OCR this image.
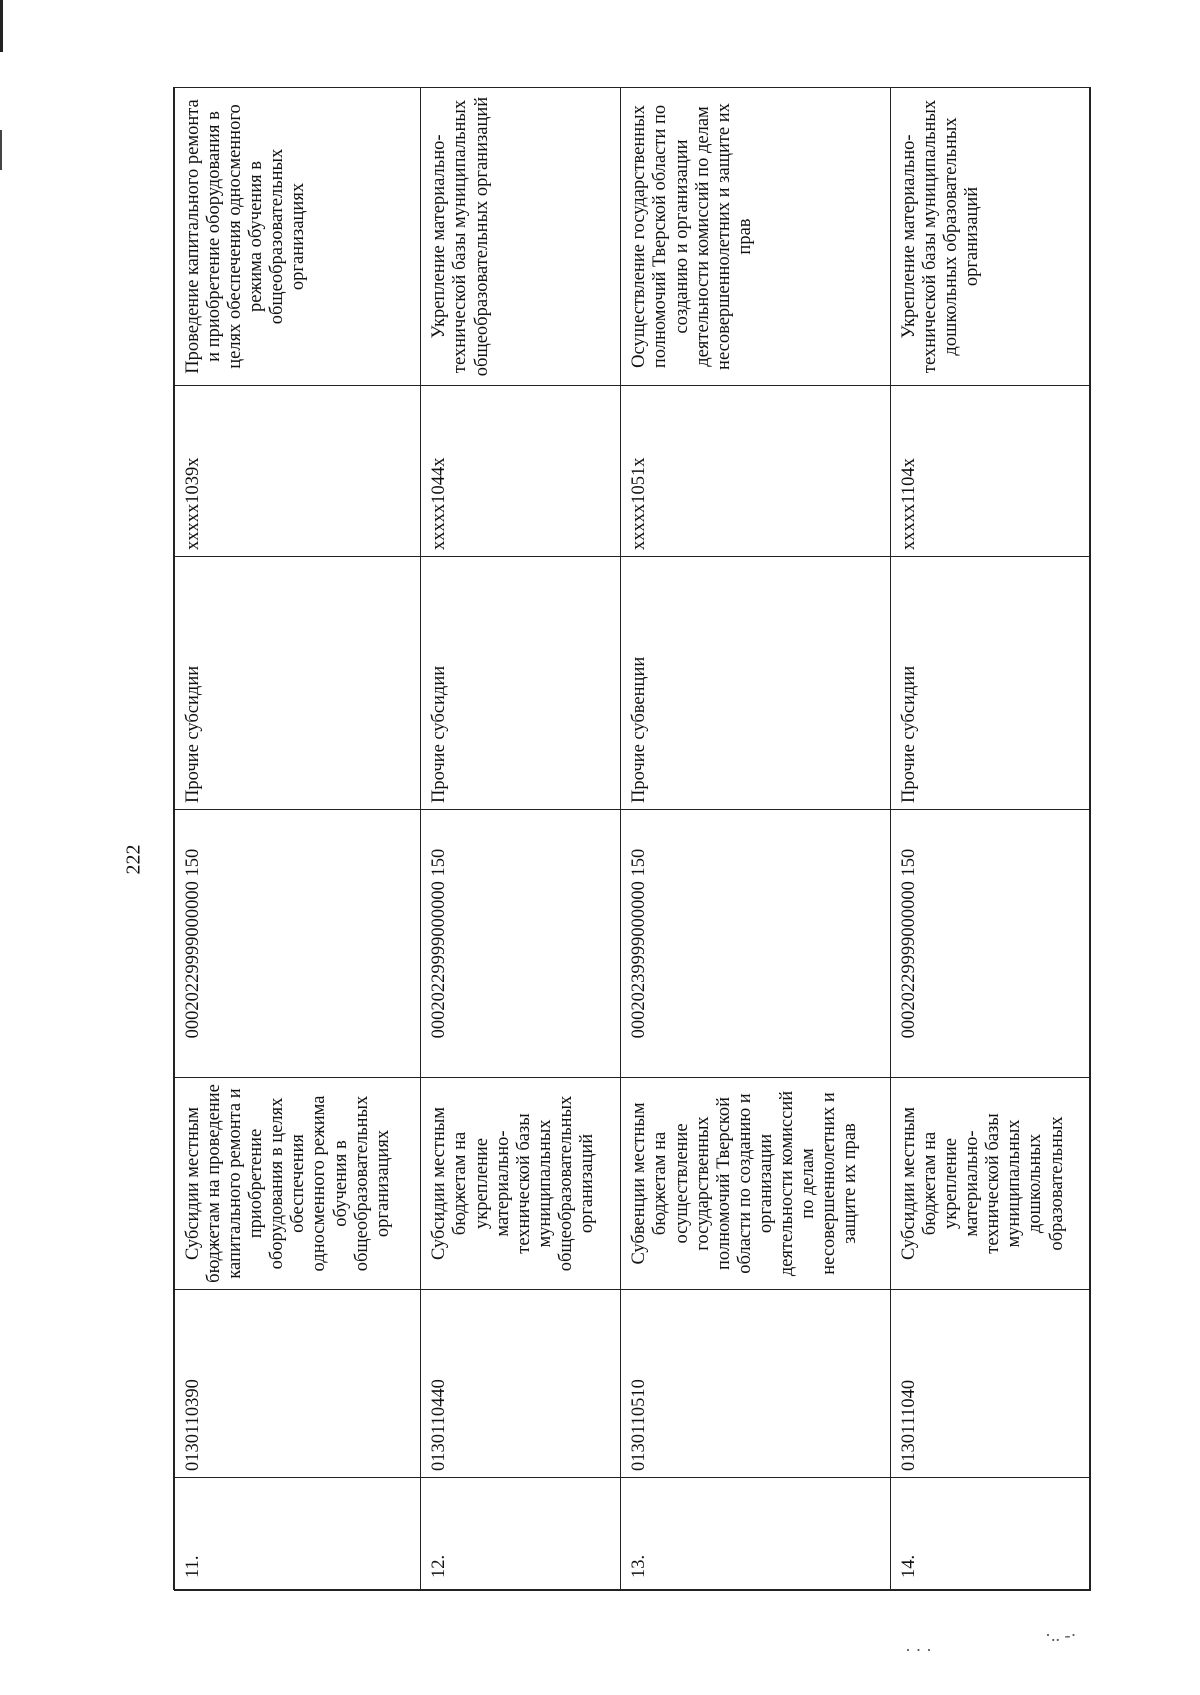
222
11.	0130110390	Субсидии местным бюджетам на проведение капитального ремонта и приобретение оборудования в целях обеспечения односменного режима обучения в общеобразовательных организациях	00020229999000000 150	Прочие субсидии	xxxxx1039x	Проведение капитального ремонта и приобретение оборудования в целях обеспечения односменного режима обучения в общеобразовательных организациях
12.	0130110440	Субсидии местным бюджетам на укрепление материально-технической базы муниципальных общеобразовательных организаций	00020229999000000 150	Прочие субсидии	xxxxx1044x	Укрепление материально-технической базы муниципальных общеобразовательных организаций
13.	0130110510	Субвенции местным бюджетам на осуществление государственных полномочий Тверской области по созданию и организации деятельности комиссий по делам несовершеннолетних и защите их прав	00020239999000000 150	Прочие субвенции	xxxxx1051x	Осуществление государственных полномочий Тверской области по созданию и организации деятельности комиссий по делам несовершеннолетних и защите их прав
14.	0130111040	Субсидии местным бюджетам на укрепление материально-технической базы муниципальных дошкольных образовательных	00020229999000000 150	Прочие субсидии	xxxxx1104x	Укрепление материально-технической базы муниципальных дошкольных образовательных организаций
· · ·
·.. -·
